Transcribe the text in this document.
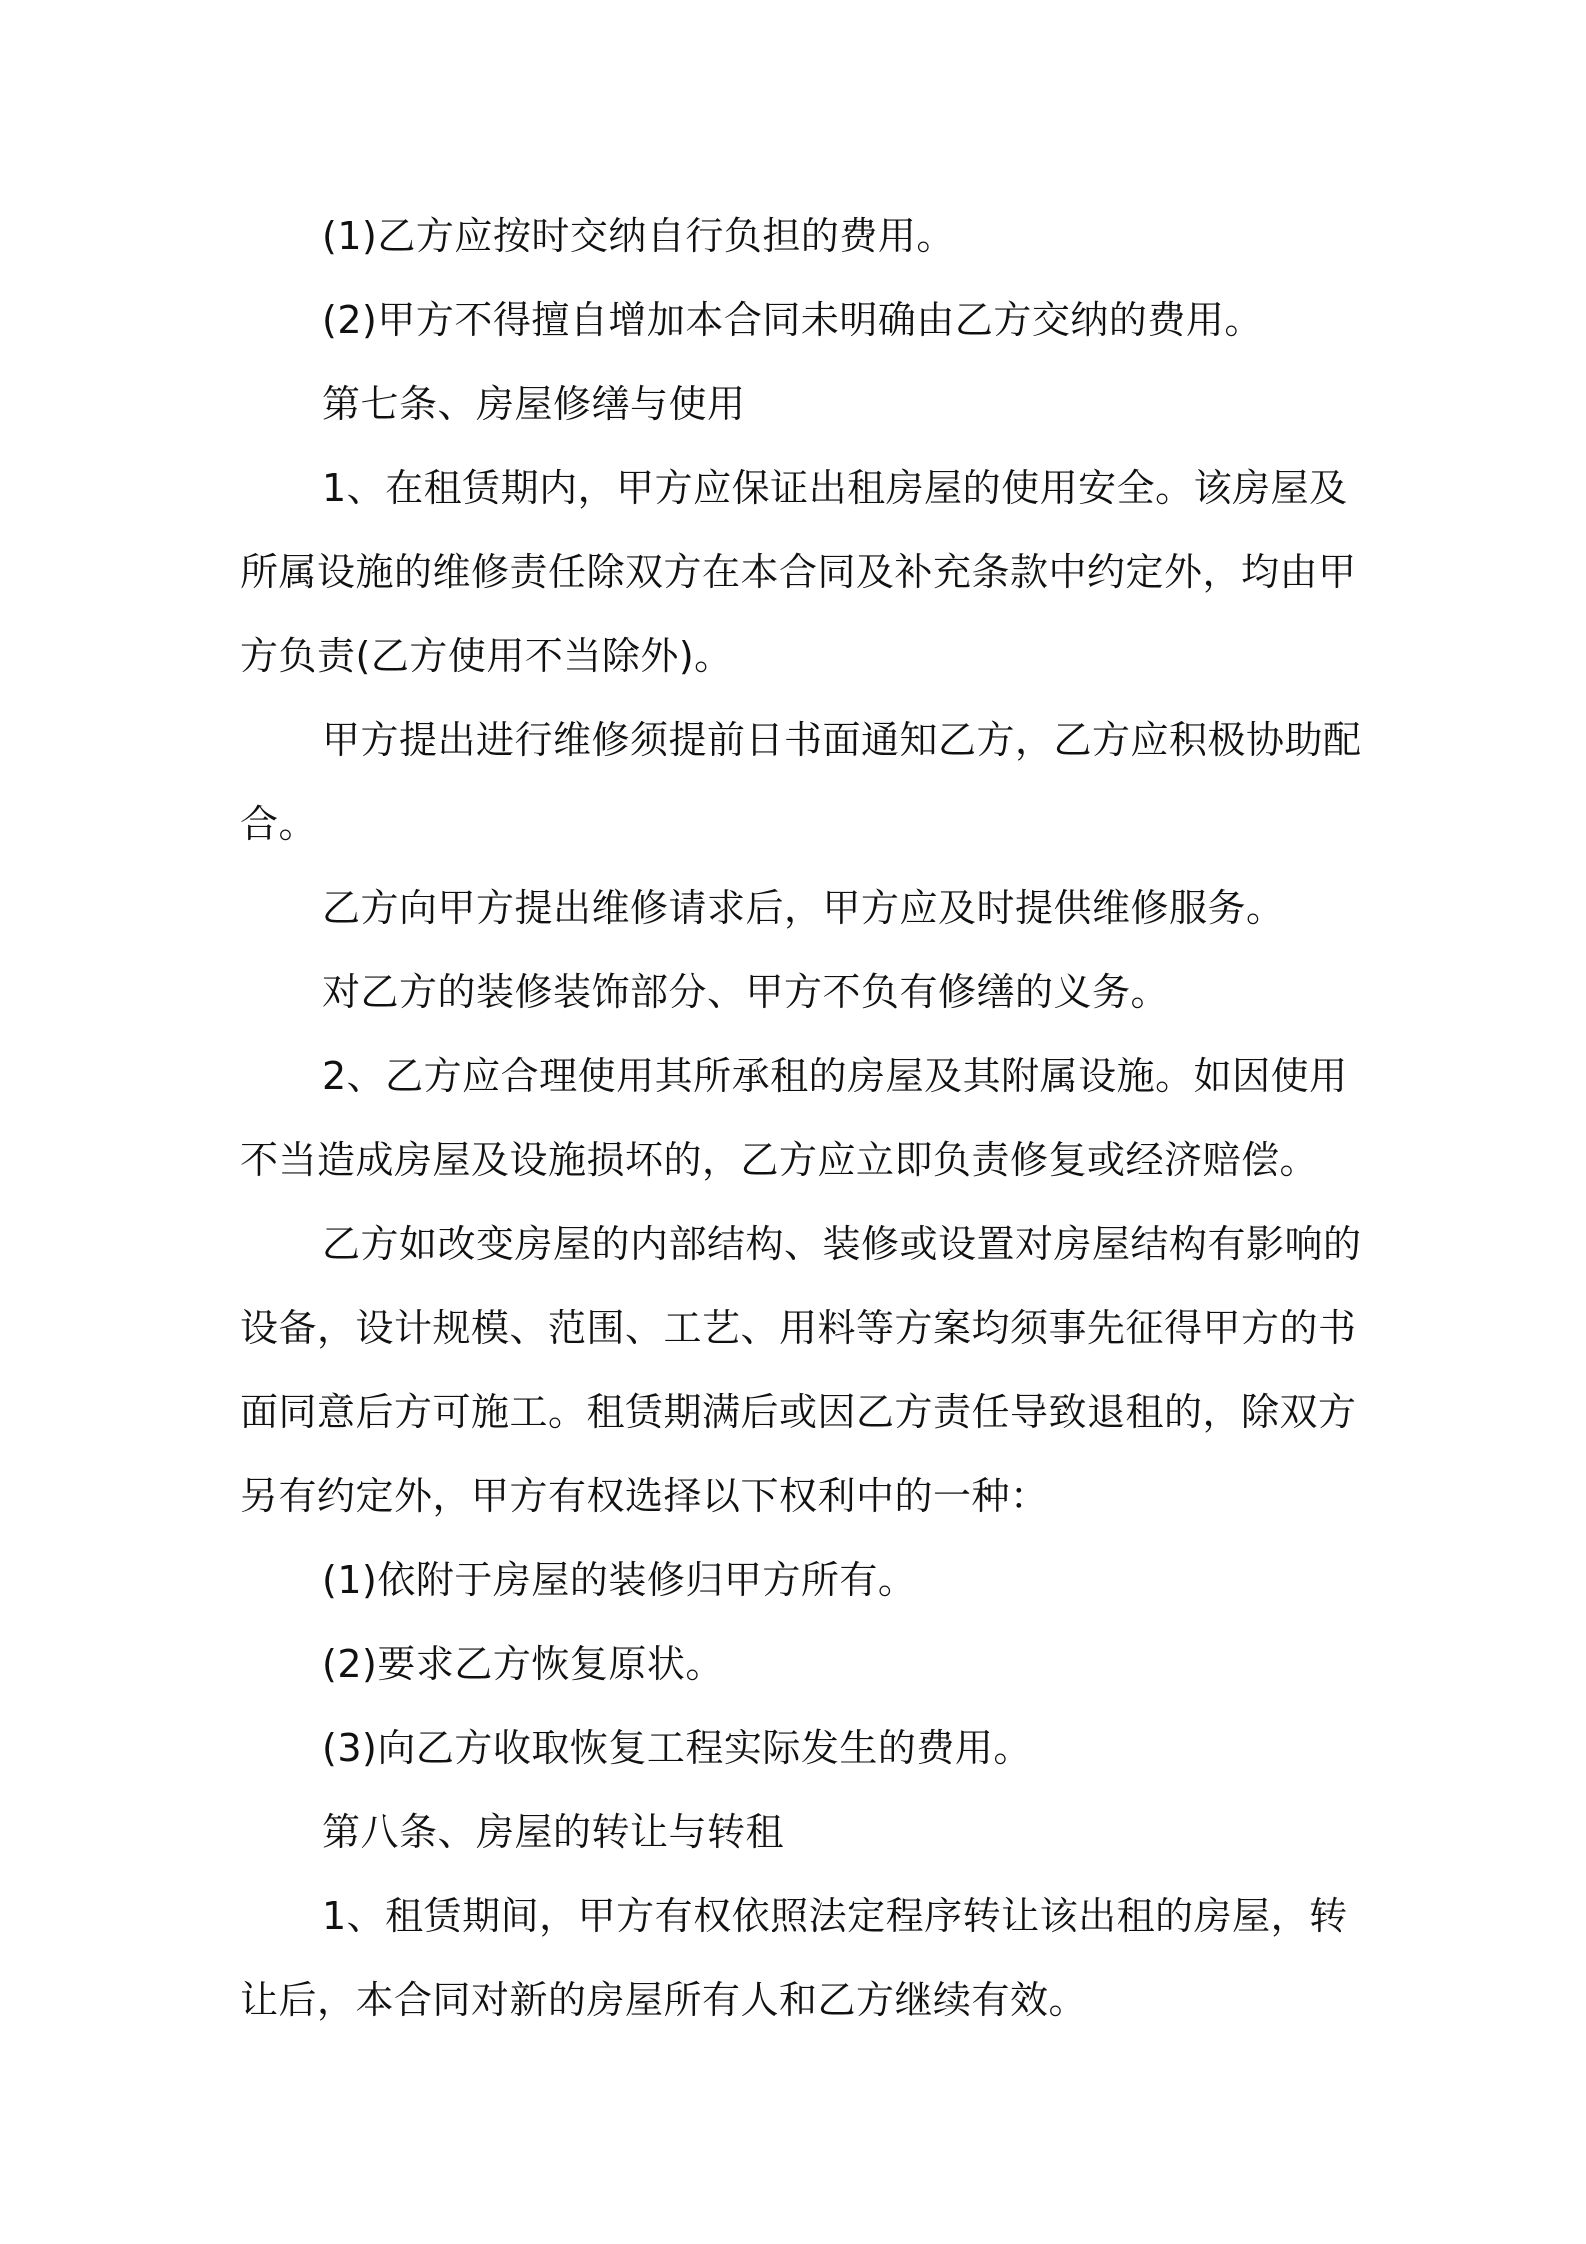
(1)乙方应按时交纳自行负担的费用。

(2)甲方不得擅自增加本合同未明确由乙方交纳的费用。

第七条、房屋修缮与使用

1、在租赁期内，甲方应保证出租房屋的使用安全。该房屋及所属设施的维修责任除双方在本合同及补充条款中约定外，均由甲方负责(乙方使用不当除外)。

甲方提出进行维修须提前日书面通知乙方，乙方应积极协助配合。

乙方向甲方提出维修请求后，甲方应及时提供维修服务。

对乙方的装修装饰部分、甲方不负有修缮的义务。

2、乙方应合理使用其所承租的房屋及其附属设施。如因使用不当造成房屋及设施损坏的，乙方应立即负责修复或经济赔偿。

乙方如改变房屋的内部结构、装修或设置对房屋结构有影响的设备，设计规模、范围、工艺、用料等方案均须事先征得甲方的书面同意后方可施工。租赁期满后或因乙方责任导致退租的，除双方另有约定外，甲方有权选择以下权利中的一种：

(1)依附于房屋的装修归甲方所有。

(2)要求乙方恢复原状。

(3)向乙方收取恢复工程实际发生的费用。

第八条、房屋的转让与转租

1、租赁期间，甲方有权依照法定程序转让该出租的房屋，转让后，本合同对新的房屋所有人和乙方继续有效。
